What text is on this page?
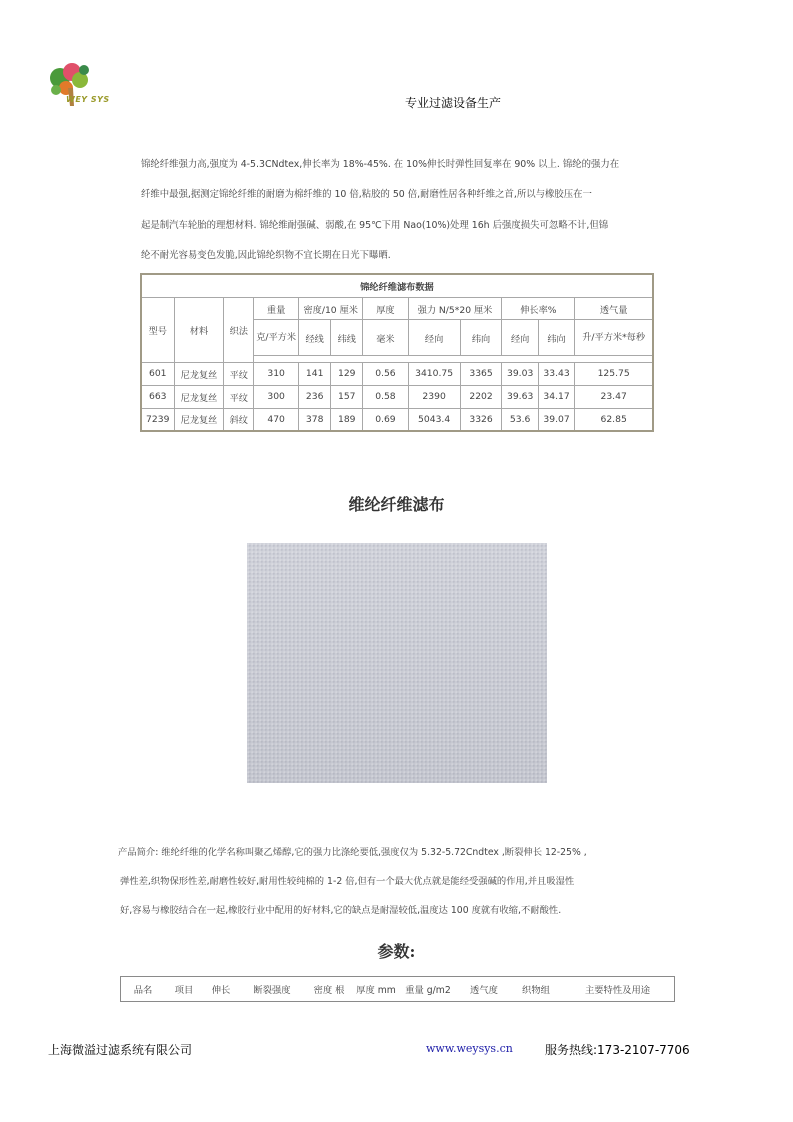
WEY SYS	专业过滤设备生产
锦纶纤维强力高,强度为 4-5.3CNdtex,伸长率为 18%-45%. 在 10%伸长时弹性回复率在 90% 以上. 锦纶的强力在
纤维中最强,据测定锦纶纤维的耐磨为棉纤维的 10 倍,粘胶的 50 倍,耐磨性居各种纤维之首,所以与橡胶压在一
起是制汽车轮胎的理想材料. 锦纶维耐强碱、弱酸,在 95℃下用 Nao(10%)处理 16h 后强度损失可忽略不计,但锦
纶不耐光容易变色发脆,因此锦纶织物不宜长期在日光下曝晒.
锦纶纤维滤布数据											
型号	材料	织法	重量	密度/10 厘米		厚度	强力 N/5*20 厘米		伸长率%		透气量
			克/平方米	经线	纬线	毫米	经向	纬向	经向	纬向	升/平方米*每秒

601	尼龙复丝	平纹	310	141	129	0.56	3410.75	3365	39.03	33.43	125.75
663	尼龙复丝	平纹	300	236	157	0.58	2390	2202	39.63	34.17	23.47
7239	尼龙复丝	斜纹	470	378	189	0.69	5043.4	3326	53.6	39.07	62.85
维纶纤维滤布
产品简介: 维纶纤维的化学名称叫聚乙烯醇,它的强力比涤纶要低,强度仅为 5.32-5.72Cndtex ,断裂伸长 12-25% ,
弹性差,织物保形性差,耐磨性较好,耐用性较纯棉的 1-2 倍,但有一个最大优点就是能经受强碱的作用,并且吸湿性
好,容易与橡胶结合在一起,橡胶行业中配用的好材料,它的缺点是耐湿较低,温度达 100 度就有收缩,不耐酸性.
参数:
品名	项目	伸长	断裂强度	密度 根	厚度 mm	重量 g/m2	透气度	织物组	主要特性及用途
上海微溢过滤系统有限公司	www.weysys.cn	服务热线:173-2107-7706
